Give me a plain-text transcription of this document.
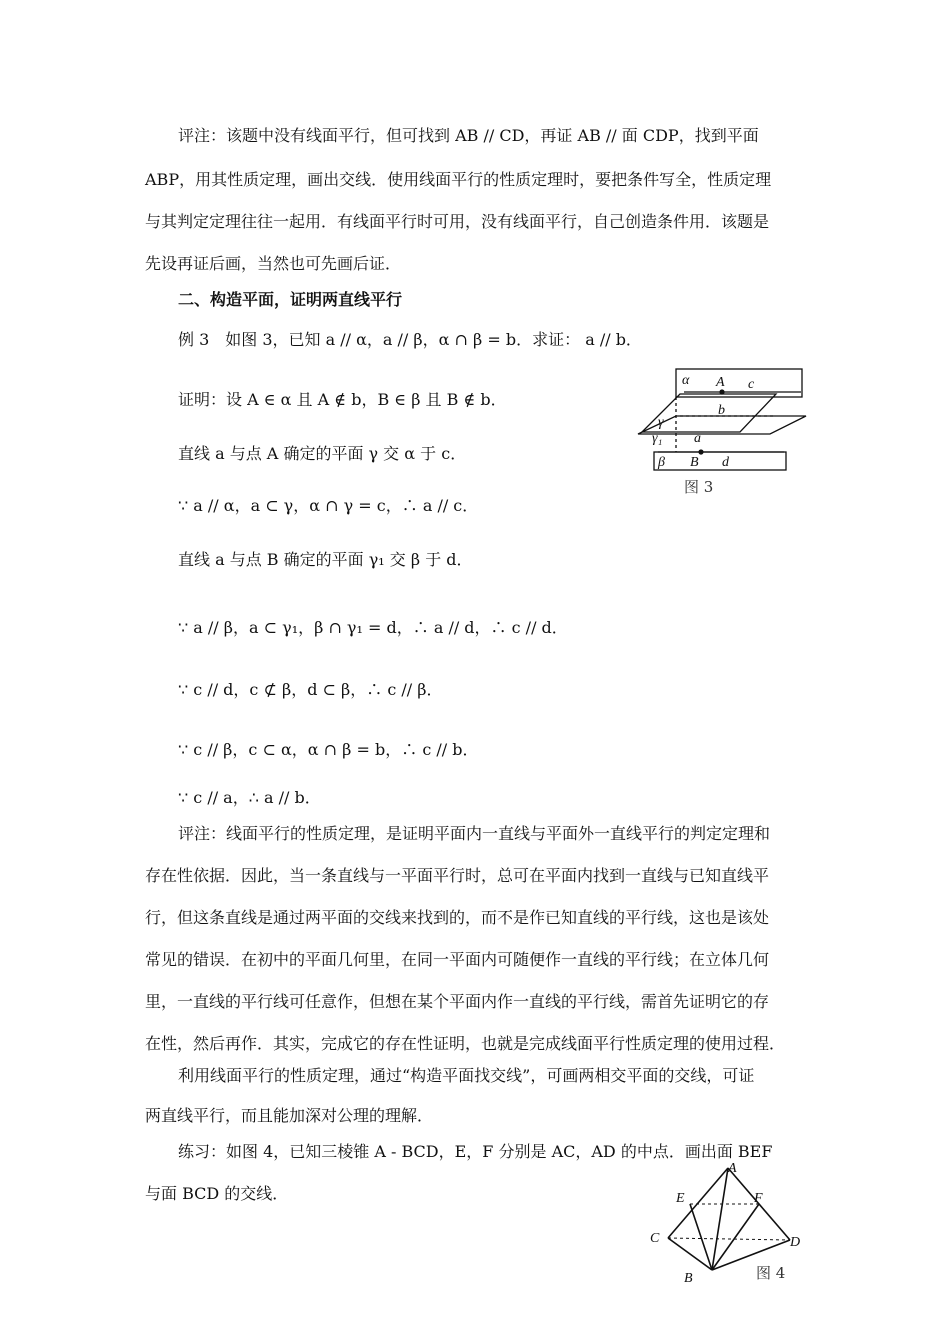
评注：该题中没有线面平行，但可找到 AB // CD，再证 AB // 面 CDP，找到平面
ABP，用其性质定理，画出交线．使用线面平行的性质定理时，要把条件写全，性质定理
与其判定定理往往一起用．有线面平行时可用，没有线面平行，自己创造条件用．该题是
先设再证后画，当然也可先画后证．
二、构造平面，证明两直线平行
例 3　如图 3，已知 a // α，a // β，α ∩ β = b．求证： a // b．
证明：设 A ∈ α 且 A ∉ b，B ∈ β 且 B ∉ b．
直线 a 与点 A 确定的平面 γ 交 α 于 c．
∵ a // α，a ⊂ γ，α ∩ γ = c，∴ a // c．
直线 a 与点 B 确定的平面 γ₁ 交 β 于 d．
∵ a // β，a ⊂ γ₁，β ∩ γ₁ = d，∴ a // d，∴ c // d．
∵ c // d，c ⊄ β，d ⊂ β，∴ c // β．
∵ c // β，c ⊂ α，α ∩ β = b，∴ c // b．
∵ c // a，∴ a // b．
评注：线面平行的性质定理，是证明平面内一直线与平面外一直线平行的判定定理和
存在性依据．因此，当一条直线与一平面平行时，总可在平面内找到一直线与已知直线平
行，但这条直线是通过两平面的交线来找到的，而不是作已知直线的平行线，这也是该处
常见的错误．在初中的平面几何里，在同一平面内可随便作一直线的平行线；在立体几何
里，一直线的平行线可任意作，但想在某个平面内作一直线的平行线，需首先证明它的存
在性，然后再作．其实，完成它的存在性证明，也就是完成线面平行性质定理的使用过程．
利用线面平行的性质定理，通过“构造平面找交线”，可画两相交平面的交线，可证
两直线平行，而且能加深对公理的理解．
练习：如图 4，已知三棱锥 A - BCD，E，F 分别是 AC，AD 的中点．画出面 BEF
与面 BCD 的交线．
α A c
γ
b
γ₁ a
β B d
图 3
A
E	F
C	D
B	图 4
